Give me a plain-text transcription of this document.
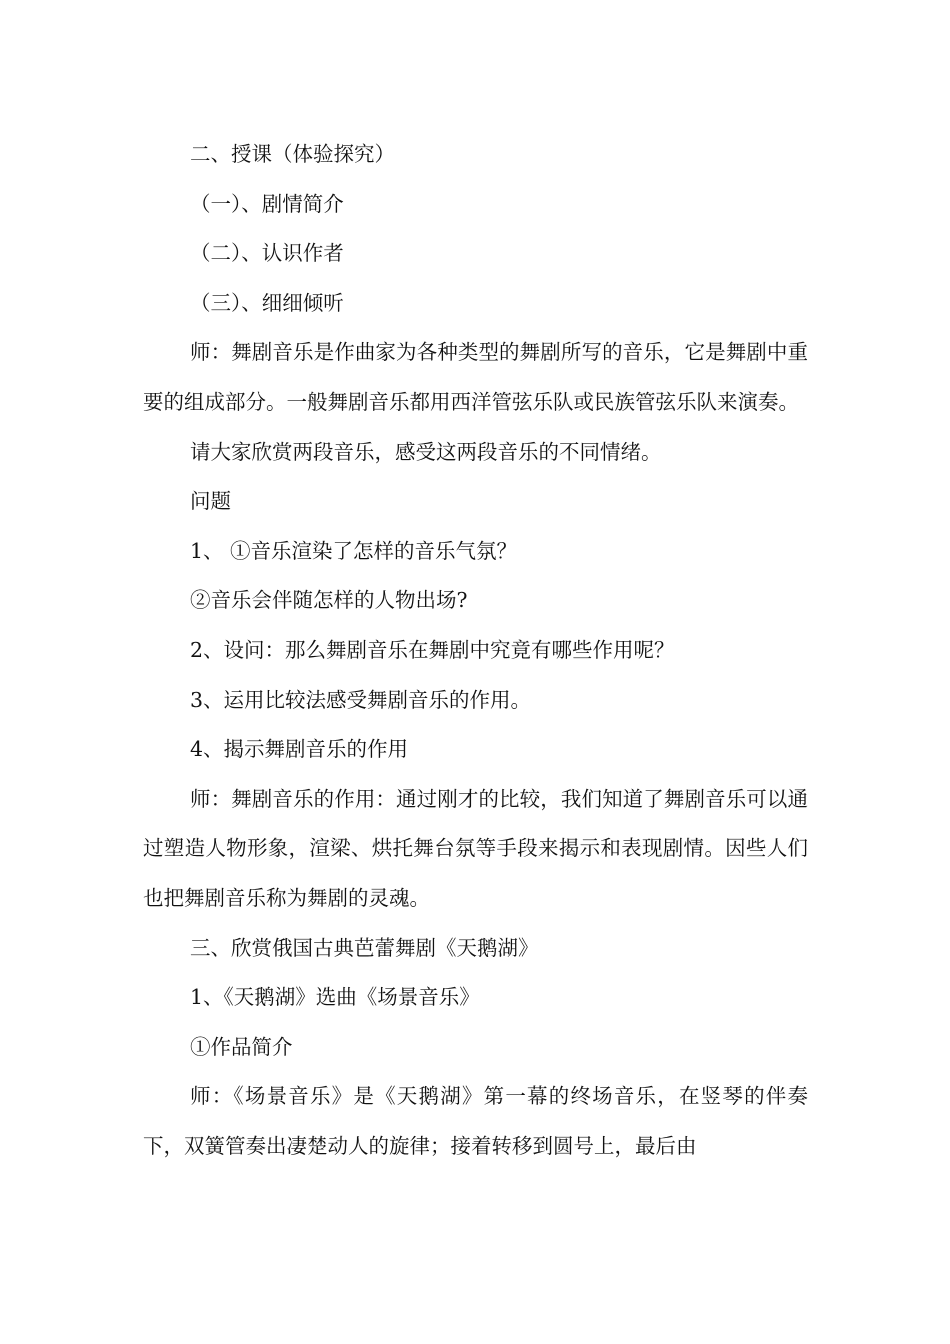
二、授课（体验探究）

（一）、剧情简介

（二）、认识作者

（三）、细细倾听

师：舞剧音乐是作曲家为各种类型的舞剧所写的音乐，它是舞剧中重要的组成部分。一般舞剧音乐都用西洋管弦乐队或民族管弦乐队来演奏。

请大家欣赏两段音乐，感受这两段音乐的不同情绪。

问题

1、 ①音乐渲染了怎样的音乐气氛？

②音乐会伴随怎样的人物出场?

2、设问：那么舞剧音乐在舞剧中究竟有哪些作用呢？

3、运用比较法感受舞剧音乐的作用。

4、揭示舞剧音乐的作用

师：舞剧音乐的作用：通过刚才的比较，我们知道了舞剧音乐可以通过塑造人物形象，渲梁、烘托舞台氛等手段来揭示和表现剧情。因些人们也把舞剧音乐称为舞剧的灵魂。

三、欣赏俄国古典芭蕾舞剧《天鹅湖》

1、《天鹅湖》选曲《场景音乐》

①作品简介

师：《场景音乐》是《天鹅湖》第一幕的终场音乐，在竖琴的伴奏下，双簧管奏出凄楚动人的旋律；接着转移到圆号上，最后由
